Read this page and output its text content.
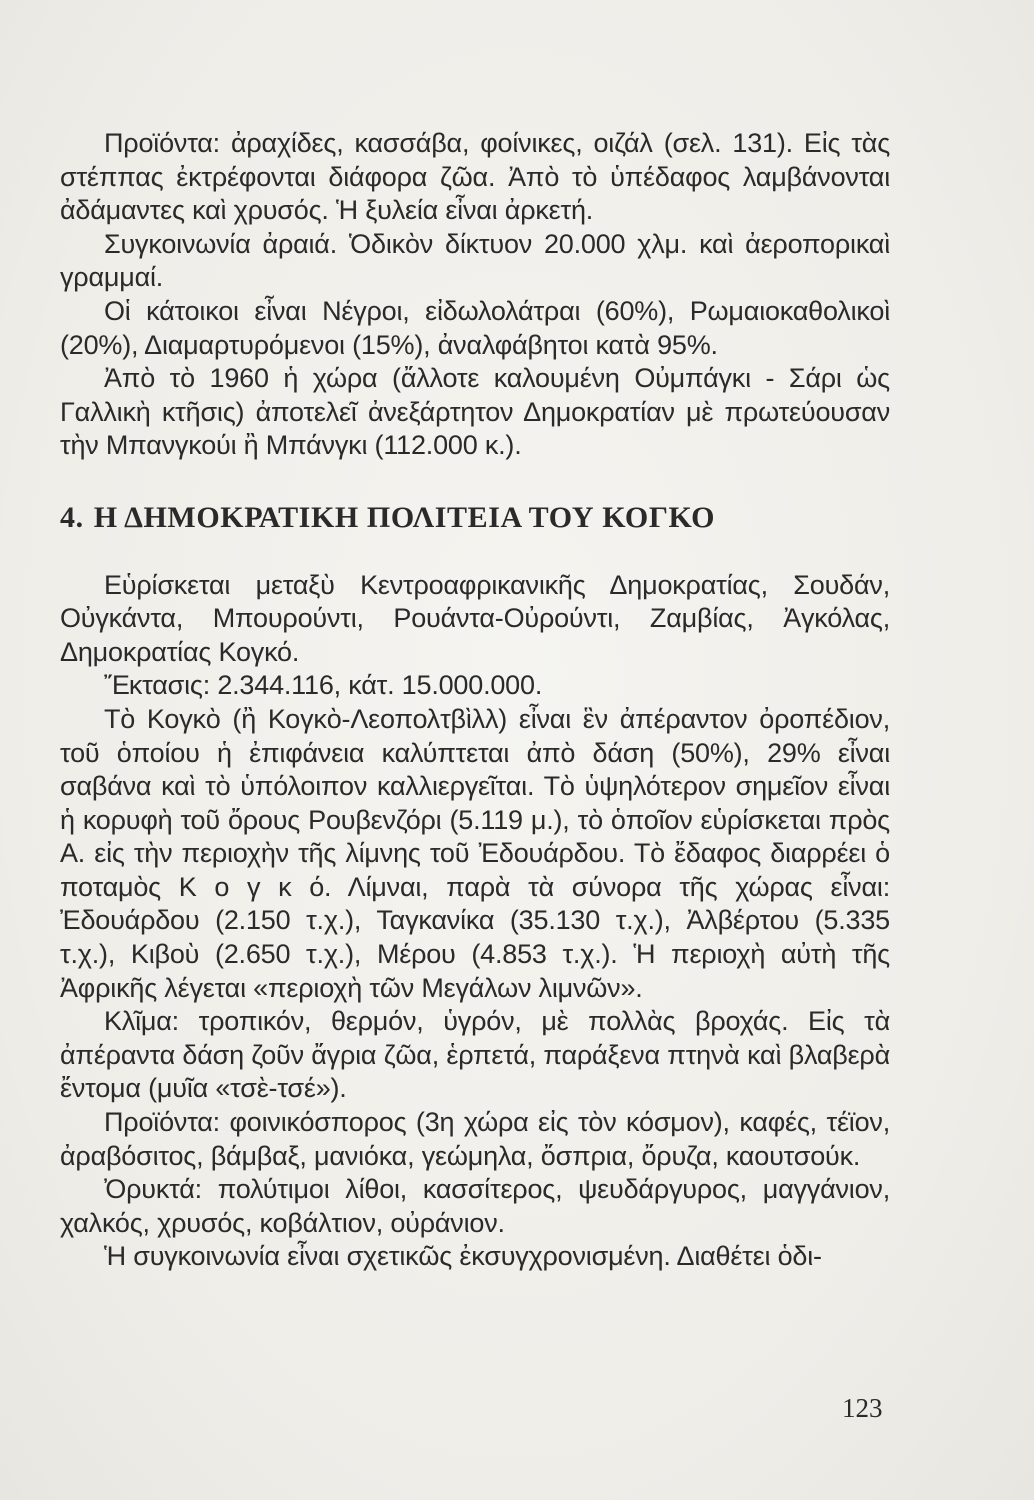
Προϊόντα: ἀραχίδες, κασσάβα, φοίνικες, οιζάλ (σελ. 131). Εἰς τὰς στέππας ἐκτρέφονται διάφορα ζῶα. Ἀπὸ τὸ ὑπέδαφος λαμβάνονται ἀδάμαντες καὶ χρυσός. Ἡ ξυλεία εἶναι ἀρκετή.

Συγκοινωνία ἀραιά. Ὁδικὸν δίκτυον 20.000 χλμ. καὶ ἀεροπορικαὶ γραμμαί.

Οἱ κάτοικοι εἶναι Νέγροι, εἰδωλολάτραι (60%), Ρωμαιοκαθολικοὶ (20%), Διαμαρτυρόμενοι (15%), ἀναλφάβητοι κατὰ 95%.

Ἀπὸ τὸ 1960 ἡ χώρα (ἄλλοτε καλουμένη Οὐμπάγκι - Σάρι ὡς Γαλλικὴ κτῆσις) ἀποτελεῖ ἀνεξάρτητον Δημοκρατίαν μὲ πρωτεύουσαν τὴν Μπανγκούι ἢ Μπάνγκι (112.000 κ.).

4. Η ΔΗΜΟΚΡΑΤΙΚΗ ΠΟΛΙΤΕΙΑ ΤΟΥ ΚΟΓΚΟ

Εὑρίσκεται μεταξὺ Κεντροαφρικανικῆς Δημοκρατίας, Σουδάν, Οὐγκάντα, Μπουρούντι, Ρουάντα-Οὐρούντι, Ζαμβίας, Ἀγκόλας, Δημοκρατίας Κογκό.

Ἔκτασις: 2.344.116, κάτ. 15.000.000.

Τὸ Κογκὸ (ἢ Κογκὸ-Λεοπολτβὶλλ) εἶναι ἓν ἀπέραντον ὀροπέδιον, τοῦ ὁποίου ἡ ἐπιφάνεια καλύπτεται ἀπὸ δάση (50%), 29% εἶναι σαβάνα καὶ τὸ ὑπόλοιπον καλλιεργεῖται. Τὸ ὑψηλότερον σημεῖον εἶναι ἡ κορυφὴ τοῦ ὄρους Ρουβενζόρι (5.119 μ.), τὸ ὁποῖον εὑρίσκεται πρὸς Α. εἰς τὴν περιοχὴν τῆς λίμνης τοῦ Ἐδουάρδου. Τὸ ἔδαφος διαρρέει ὁ ποταμὸς Κ ο γ κ ό. Λίμναι, παρὰ τὰ σύνορα τῆς χώρας εἶναι: Ἐδουάρδου (2.150 τ.χ.), Ταγκανίκα (35.130 τ.χ.), Ἀλβέρτου (5.335 τ.χ.), Κιβοὺ (2.650 τ.χ.), Μέρου (4.853 τ.χ.). Ἡ περιοχὴ αὐτὴ τῆς Ἀφρικῆς λέγεται «περιοχὴ τῶν Μεγάλων λιμνῶν».

Κλῖμα: τροπικόν, θερμόν, ὑγρόν, μὲ πολλὰς βροχάς. Εἰς τὰ ἀπέραντα δάση ζοῦν ἄγρια ζῶα, ἑρπετά, παράξενα πτηνὰ καὶ βλαβερὰ ἔντομα (μυῖα «τσὲ-τσέ»).

Προϊόντα: φοινικόσπορος (3η χώρα εἰς τὸν κόσμον), καφές, τέϊον, ἀραβόσιτος, βάμβαξ, μανιόκα, γεώμηλα, ὄσπρια, ὄρυζα, καουτσούκ.

Ὀρυκτά: πολύτιμοι λίθοι, κασσίτερος, ψευδάργυρος, μαγγάνιον, χαλκός, χρυσός, κοβάλτιον, οὐράνιον.

Ἡ συγκοινωνία εἶναι σχετικῶς ἐκσυγχρονισμένη. Διαθέτει ὁδι-

123
